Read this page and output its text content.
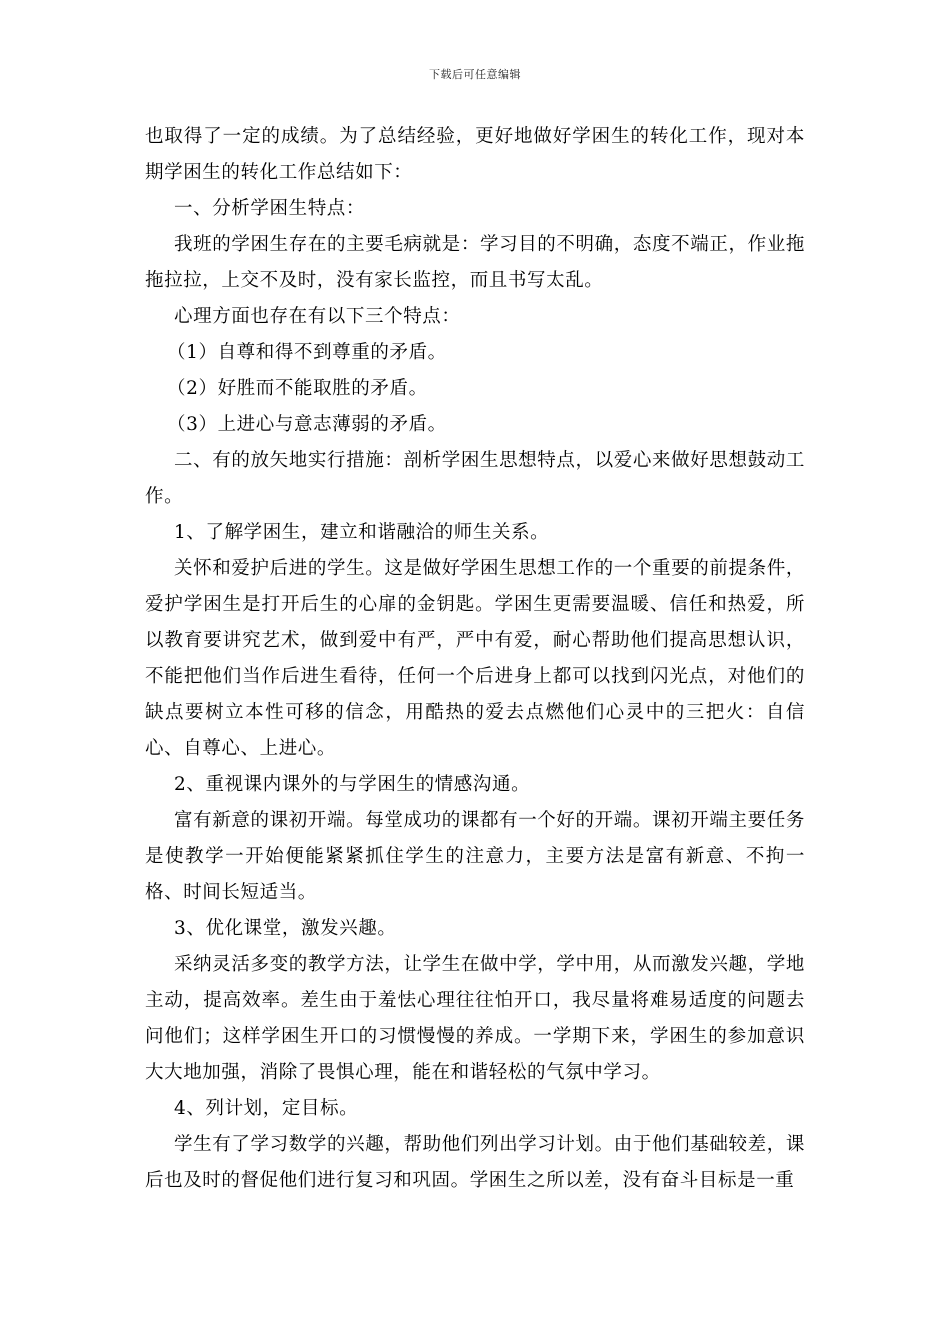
下载后可任意编辑

也取得了一定的成绩。为了总结经验，更好地做好学困生的转化工作，现对本期学困生的转化工作总结如下：

一、分析学困生特点：

我班的学困生存在的主要毛病就是：学习目的不明确，态度不端正，作业拖拖拉拉，上交不及时，没有家长监控，而且书写太乱。

心理方面也存在有以下三个特点：

（1）自尊和得不到尊重的矛盾。

（2）好胜而不能取胜的矛盾。

（3）上进心与意志薄弱的矛盾。

二、有的放矢地实行措施：剖析学困生思想特点，以爱心来做好思想鼓动工作。

1、了解学困生，建立和谐融洽的师生关系。

关怀和爱护后进的学生。这是做好学困生思想工作的一个重要的前提条件，爱护学困生是打开后生的心扉的金钥匙。学困生更需要温暖、信任和热爱，所以教育要讲究艺术，做到爱中有严，严中有爱，耐心帮助他们提高思想认识，不能把他们当作后进生看待，任何一个后进身上都可以找到闪光点，对他们的缺点要树立本性可移的信念，用酷热的爱去点燃他们心灵中的三把火：自信心、自尊心、上进心。

2、重视课内课外的与学困生的情感沟通。

富有新意的课初开端。每堂成功的课都有一个好的开端。课初开端主要任务是使教学一开始便能紧紧抓住学生的注意力，主要方法是富有新意、不拘一格、时间长短适当。

3、优化课堂，激发兴趣。

采纳灵活多变的教学方法，让学生在做中学，学中用，从而激发兴趣，学地主动，提高效率。差生由于羞怯心理往往怕开口，我尽量将难易适度的问题去问他们；这样学困生开口的习惯慢慢的养成。一学期下来，学困生的参加意识大大地加强，消除了畏惧心理，能在和谐轻松的气氛中学习。

4、列计划，定目标。

学生有了学习数学的兴趣，帮助他们列出学习计划。由于他们基础较差，课后也及时的督促他们进行复习和巩固。学困生之所以差，没有奋斗目标是一重
